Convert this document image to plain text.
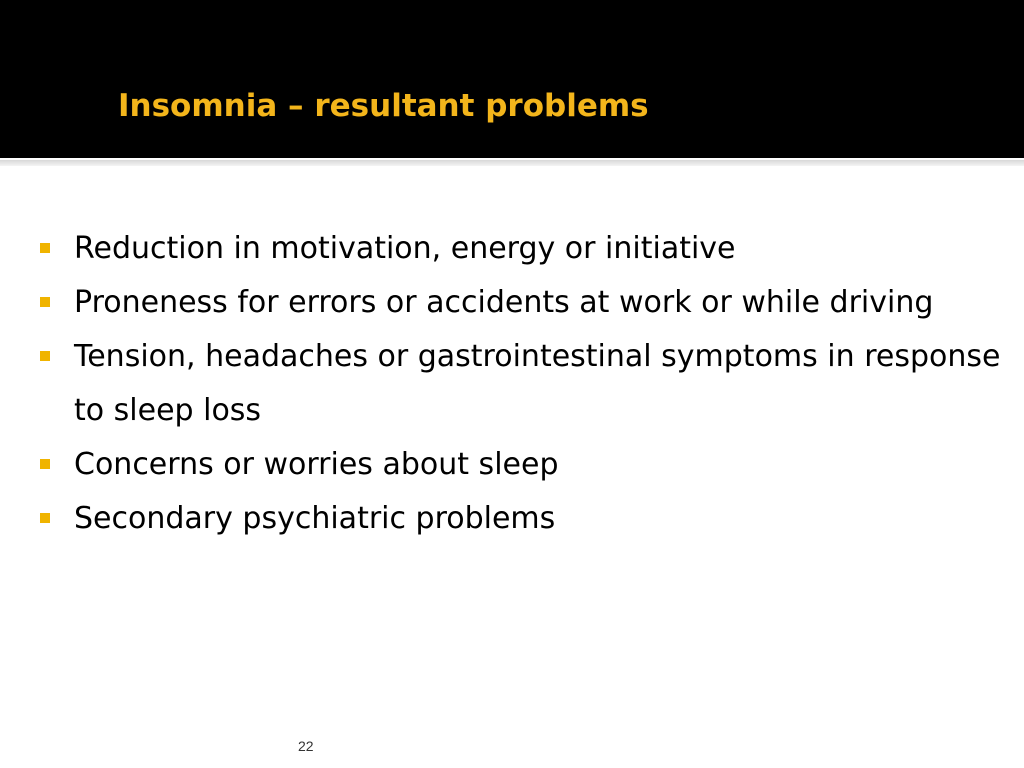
Insomnia – resultant problems
Reduction in motivation, energy or initiative
Proneness for errors or accidents at work or while driving
Tension, headaches or gastrointestinal symptoms in response to sleep loss
Concerns or worries about sleep
Secondary psychiatric problems
22
